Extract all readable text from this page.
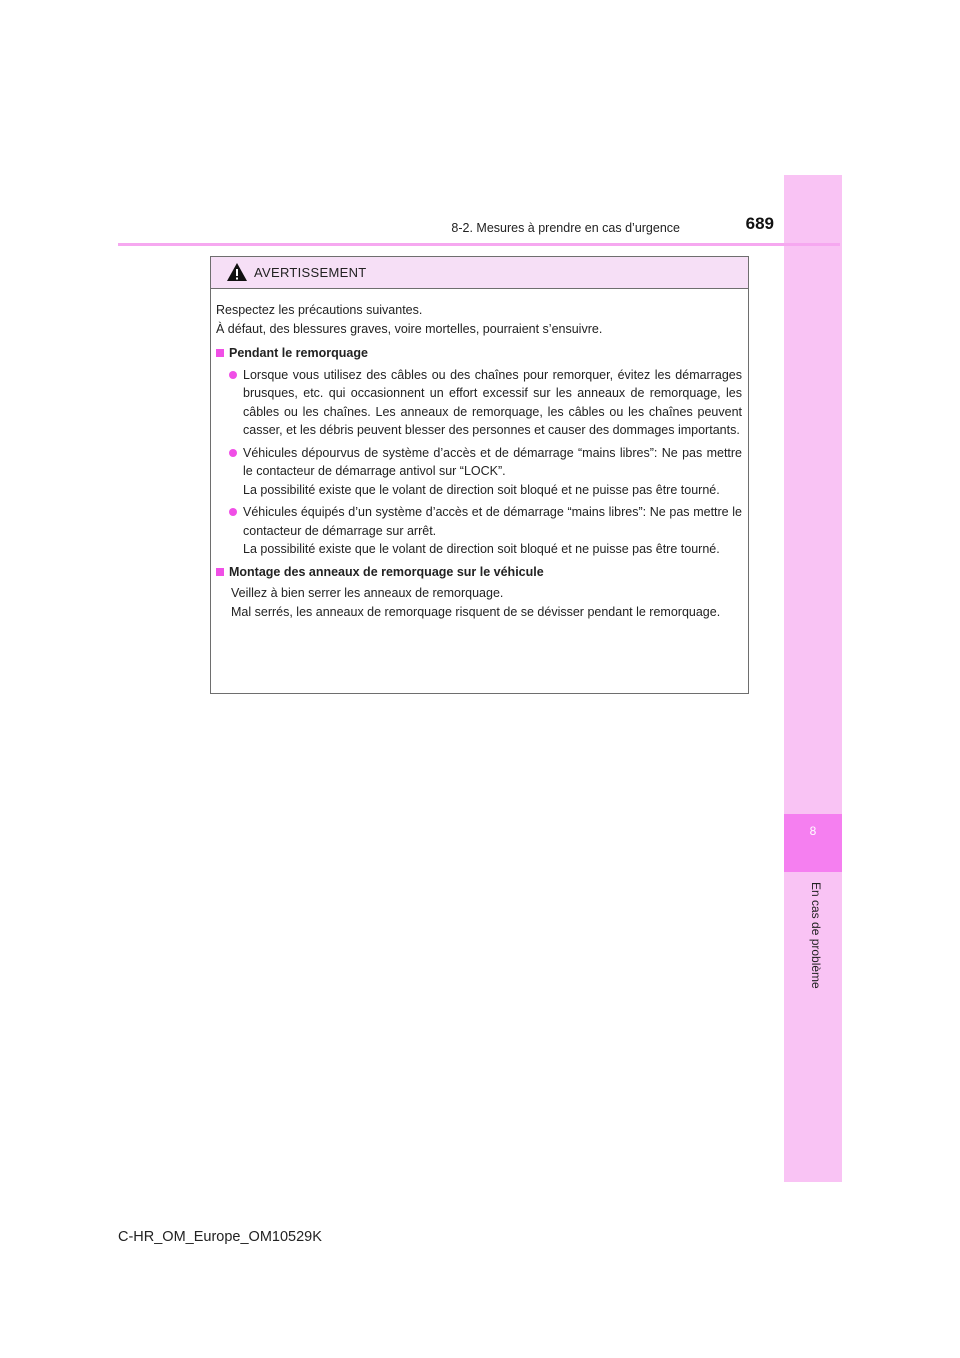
8
En cas de problème
8-2. Mesures à prendre en cas d’urgence	689
AVERTISSEMENT

Respectez les précautions suivantes.

À défaut, des blessures graves, voire mortelles, pourraient s’ensuivre.

Pendant le remorquage

Lorsque vous utilisez des câbles ou des chaînes pour remorquer, évitez les démarrages brusques, etc. qui occasionnent un effort excessif sur les anneaux de remorquage, les câbles ou les chaînes. Les anneaux de remorquage, les câbles ou les chaînes peuvent casser, et les débris peuvent blesser des personnes et causer des dommages importants.

Véhicules dépourvus de système d’accès et de démarrage “mains libres”: Ne pas mettre le contacteur de démarrage antivol sur “LOCK”.

La possibilité existe que le volant de direction soit bloqué et ne puisse pas être tourné.

Véhicules équipés d’un système d’accès et de démarrage “mains libres”: Ne pas mettre le contacteur de démarrage sur arrêt.

La possibilité existe que le volant de direction soit bloqué et ne puisse pas être tourné.

Montage des anneaux de remorquage sur le véhicule

Veillez à bien serrer les anneaux de remorquage.

Mal serrés, les anneaux de remorquage risquent de se dévisser pendant le remorquage.

C-HR_OM_Europe_OM10529K
